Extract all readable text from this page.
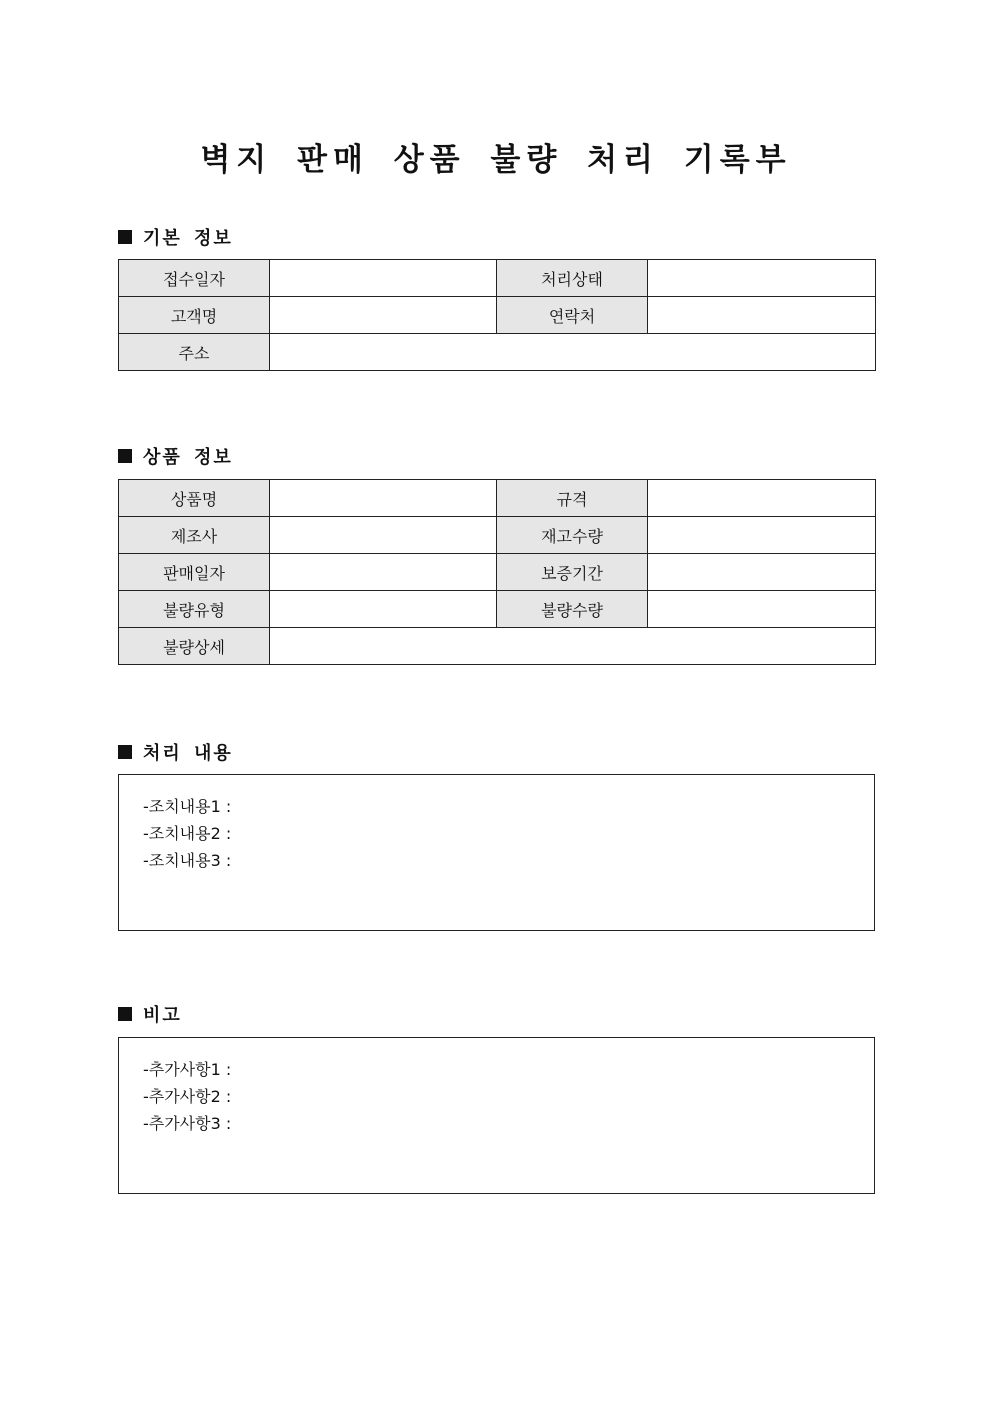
벽지 판매 상품 불량 처리 기록부
기본 정보
접수일자		처리상태	
고객명		연락처	
주소			
상품 정보
상품명		규격	
제조사		재고수량	
판매일자		보증기간	
불량유형		불량수량	
불량상세			
처리 내용
-조치내용1 :
-조치내용2 :
-조치내용3 :
비고
-추가사항1 :
-추가사항2 :
-추가사항3 :
